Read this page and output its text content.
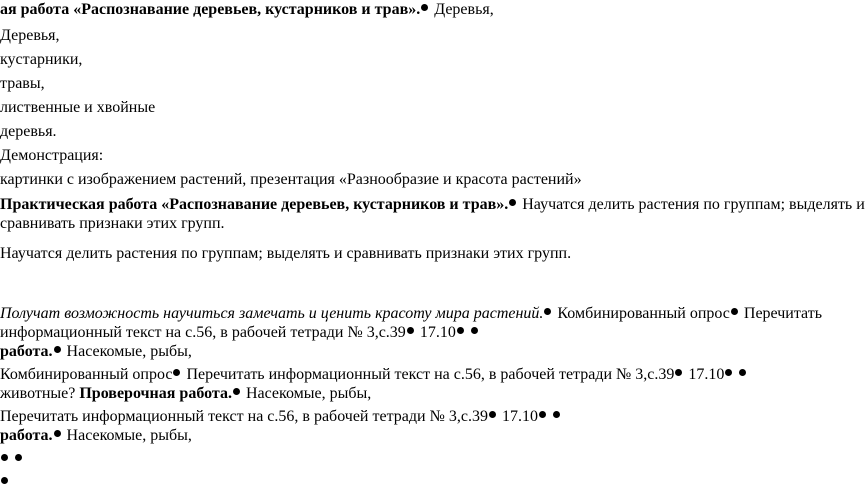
ая работа «Распознавание деревьев, кустарников и трав». Деревья,
Деревья,
кустарники,
травы,
лиственные и хвойные
деревья.
Демонстрация:
картинки с изображением растений, презентация «Разнообразие и красота растений»
Практическая работа «Распознавание деревьев, кустарников и трав». Научатся делить растения по группам; выделять и
сравнивать признаки этих групп.
Научатся делить растения по группам; выделять и сравнивать признаки этих групп.
Получат возможность научиться замечать и ценить красоту мира растений. Комбинированный опрос Перечитать
информационный текст на с.56, в рабочей тетради № 3,с.39 17.10
работа. Насекомые, рыбы,
Комбинированный опрос Перечитать информационный текст на с.56, в рабочей тетради № 3,с.39 17.10
животные? Проверочная работа. Насекомые, рыбы,
Перечитать информационный текст на с.56, в рабочей тетради № 3,с.39 17.10
работа. Насекомые, рыбы,
